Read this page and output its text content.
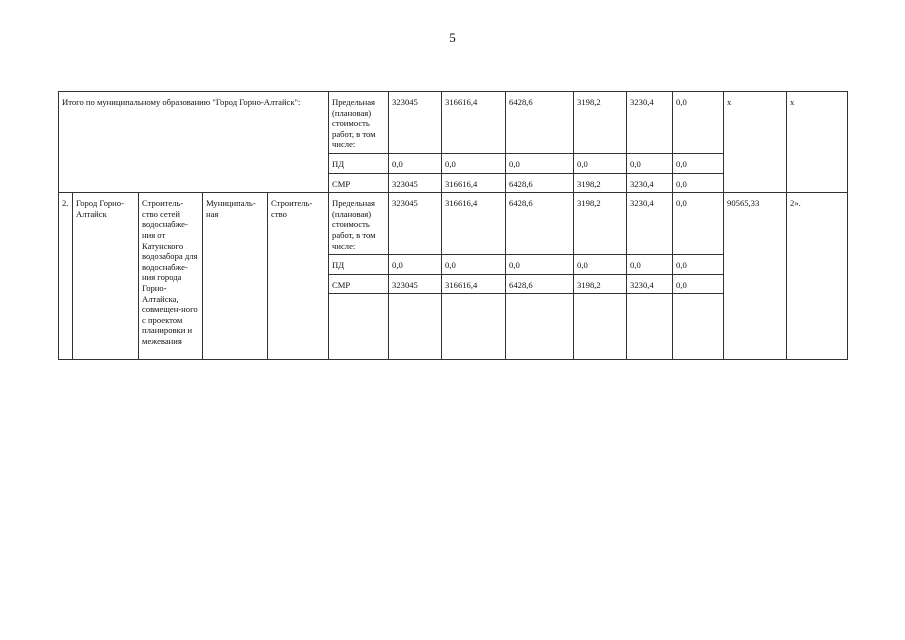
5
Итого по муниципальному образованию "Город Горно-Алтайск":					Предельная (плановая) стоимость работ, в том числе:	323045	316616,4	6428,6	3198,2	3230,4	0,0	х	х
					ПД	0,0	0,0	0,0	0,0	0,0	0,0		
					СМР	323045	316616,4	6428,6	3198,2	3230,4	0,0		
2.	Город Горно-Алтайск	Строитель-ство сетей водоснабже-ния от Катунского водозабора для водоснабже-ния города Горно-Алтайска, совмещен-ного с проектом планировки и межевания	Муниципаль-ная	Строитель-ство	Предельная (плановая) стоимость работ, в том числе:	323045	316616,4	6428,6	3198,2	3230,4	0,0	90565,33	2».
					ПД	0,0	0,0	0,0	0,0	0,0	0,0		
					СМР	323045	316616,4	6428,6	3198,2	3230,4	0,0		
